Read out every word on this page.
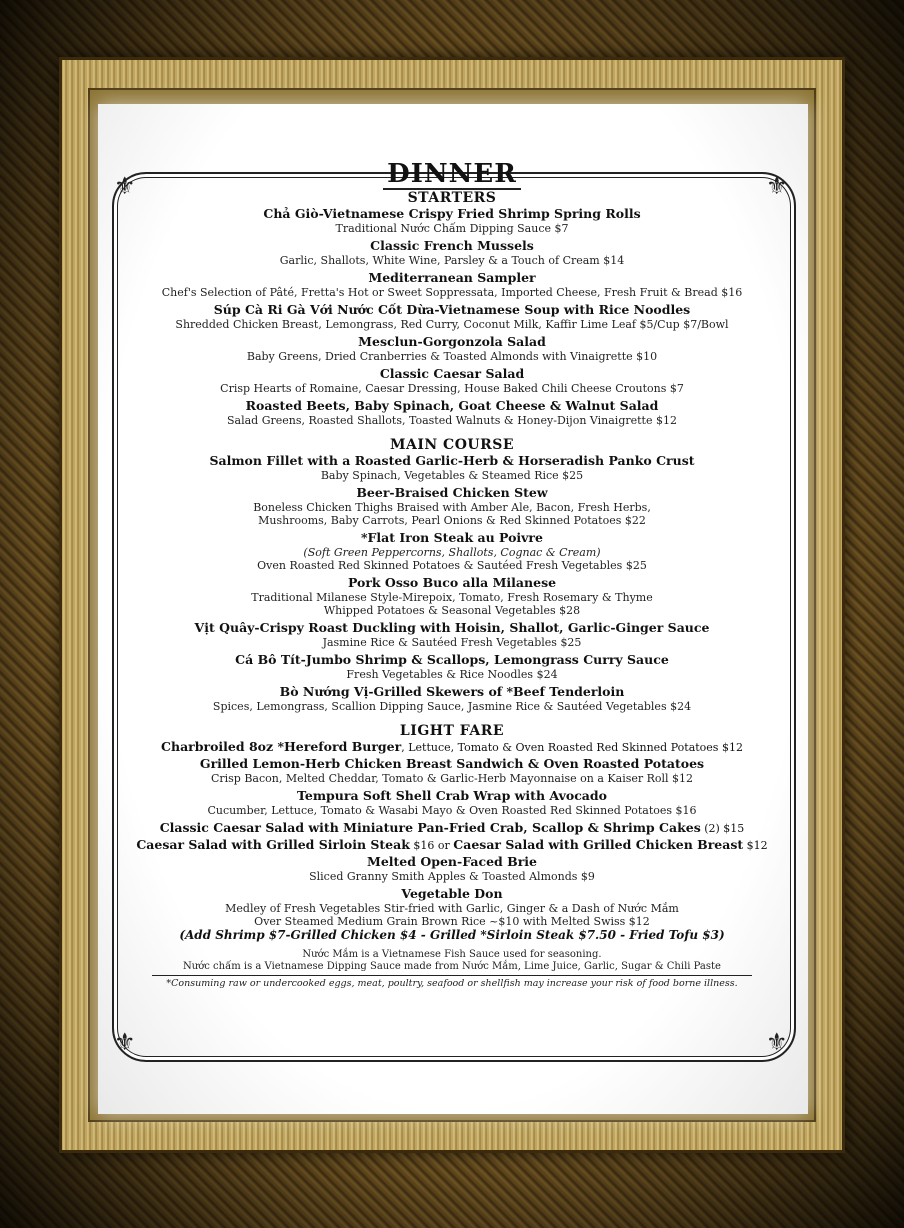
⚜	⚜
⚜	⚜
DINNER

STARTERS

Chả Giò-Vietnamese Crispy Fried Shrimp Spring Rolls

Traditional Nước Chấm Dipping Sauce $7

Classic French Mussels

Garlic, Shallots, White Wine, Parsley & a Touch of Cream $14

Mediterranean Sampler

Chef's Selection of Pâté, Fretta's Hot or Sweet Soppressata, Imported Cheese, Fresh Fruit & Bread $16

Súp Cà Ri Gà Với Nước Cốt Dừa-Vietnamese Soup with Rice Noodles

Shredded Chicken Breast, Lemongrass, Red Curry, Coconut Milk, Kaffir Lime Leaf $5/Cup $7/Bowl

Mesclun-Gorgonzola Salad

Baby Greens, Dried Cranberries & Toasted Almonds with Vinaigrette $10

Classic Caesar Salad

Crisp Hearts of Romaine, Caesar Dressing, House Baked Chili Cheese Croutons $7

Roasted Beets, Baby Spinach, Goat Cheese & Walnut Salad

Salad Greens, Roasted Shallots, Toasted Walnuts & Honey-Dijon Vinaigrette $12

MAIN COURSE

Salmon Fillet with a Roasted Garlic-Herb & Horseradish Panko Crust

Baby Spinach, Vegetables & Steamed Rice $25

Beer-Braised Chicken Stew

Boneless Chicken Thighs Braised with Amber Ale, Bacon, Fresh Herbs,

Mushrooms, Baby Carrots, Pearl Onions & Red Skinned Potatoes $22

*Flat Iron Steak au Poivre

(Soft Green Peppercorns, Shallots, Cognac & Cream)

Oven Roasted Red Skinned Potatoes & Sautéed Fresh Vegetables $25

Pork Osso Buco alla Milanese

Traditional Milanese Style-Mirepoix, Tomato, Fresh Rosemary & Thyme

Whipped Potatoes & Seasonal Vegetables $28

Vịt Quây-Crispy Roast Duckling with Hoisin, Shallot, Garlic-Ginger Sauce

Jasmine Rice & Sautéed Fresh Vegetables $25

Cá Bô Tít-Jumbo Shrimp & Scallops, Lemongrass Curry Sauce

Fresh Vegetables & Rice Noodles $24

Bò Nướng Vị-Grilled Skewers of *Beef Tenderloin

Spices, Lemongrass, Scallion Dipping Sauce, Jasmine Rice & Sautéed Vegetables $24

LIGHT FARE

Charbroiled 8oz *Hereford Burger, Lettuce, Tomato & Oven Roasted Red Skinned Potatoes $12

Grilled Lemon-Herb Chicken Breast Sandwich & Oven Roasted Potatoes

Crisp Bacon, Melted Cheddar, Tomato & Garlic-Herb Mayonnaise on a Kaiser Roll $12

Tempura Soft Shell Crab Wrap with Avocado

Cucumber, Lettuce, Tomato & Wasabi Mayo & Oven Roasted Red Skinned Potatoes $16

Classic Caesar Salad with Miniature Pan-Fried Crab, Scallop & Shrimp Cakes (2) $15

Caesar Salad with Grilled Sirloin Steak $16 or Caesar Salad with Grilled Chicken Breast $12

Melted Open-Faced Brie

Sliced Granny Smith Apples & Toasted Almonds $9

Vegetable Don

Medley of Fresh Vegetables Stir-fried with Garlic, Ginger & a Dash of Nước Mắm

Over Steamed Medium Grain Brown Rice ~$10 with Melted Swiss $12

(Add Shrimp $7-Grilled Chicken $4 - Grilled *Sirloin Steak $7.50 - Fried Tofu $3)

Nước Mắm is a Vietnamese Fish Sauce used for seasoning.

Nước chấm is a Vietnamese Dipping Sauce made from Nước Mắm, Lime Juice, Garlic, Sugar & Chili Paste

*Consuming raw or undercooked eggs, meat, poultry, seafood or shellfish may increase your risk of food borne illness.
